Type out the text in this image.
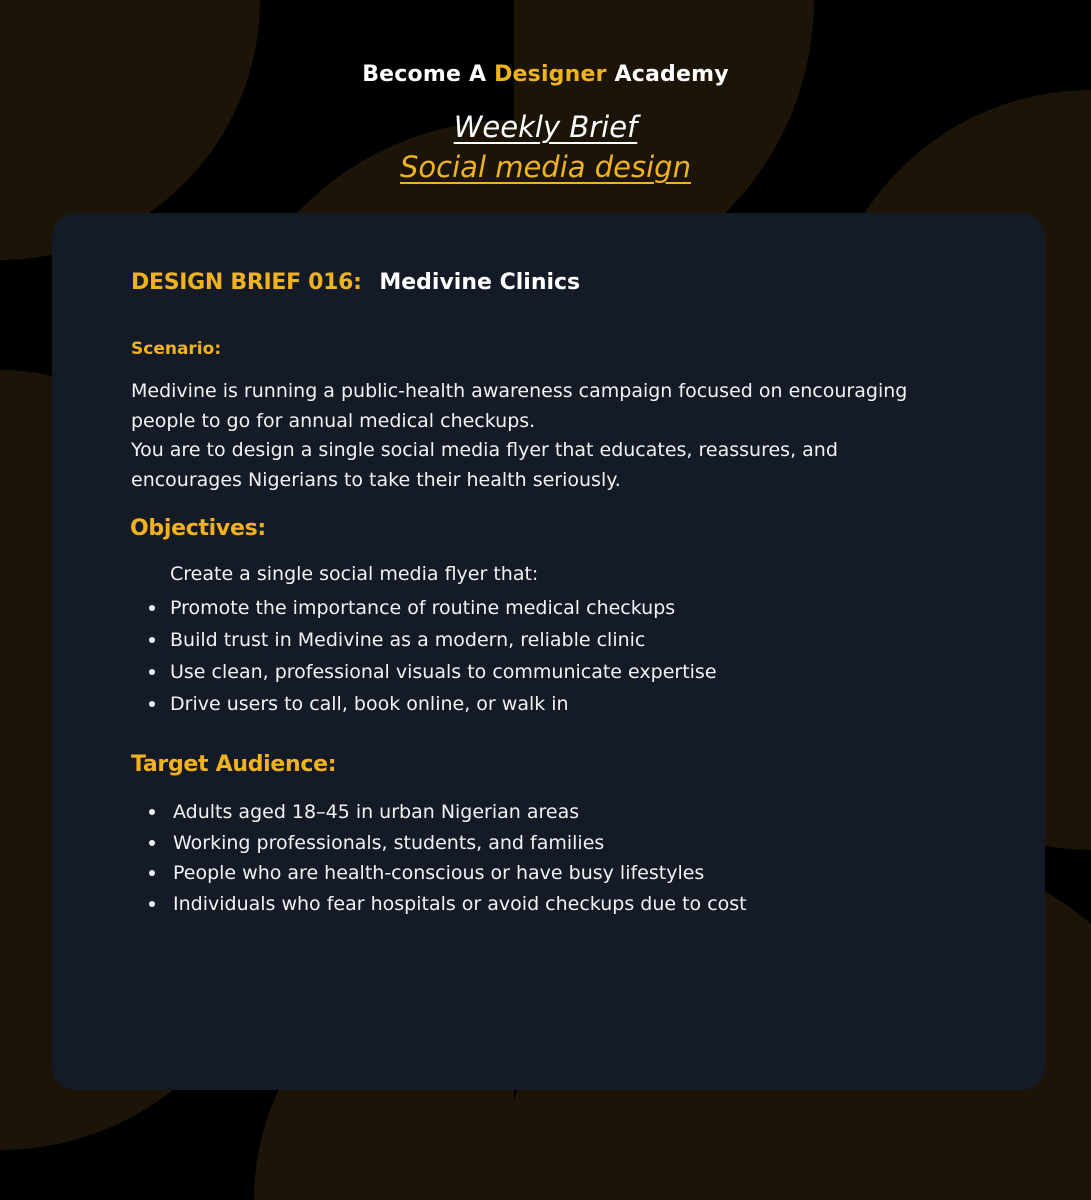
Become A Designer Academy
Weekly Brief
Social media design
DESIGN BRIEF 016: Medivine Clinics
Scenario:

Medivine is running a public-health awareness campaign focused on encouraging people to go for annual medical checkups.

You are to design a single social media flyer that educates, reassures, and encourages Nigerians to take their health seriously.

Objectives:
Create a single social media flyer that:
Promote the importance of routine medical checkups
Build trust in Medivine as a modern, reliable clinic
Use clean, professional visuals to communicate expertise
Drive users to call, book online, or walk in
Target Audience:
Adults aged 18–45 in urban Nigerian areas
Working professionals, students, and families
People who are health-conscious or have busy lifestyles
Individuals who fear hospitals or avoid checkups due to cost
